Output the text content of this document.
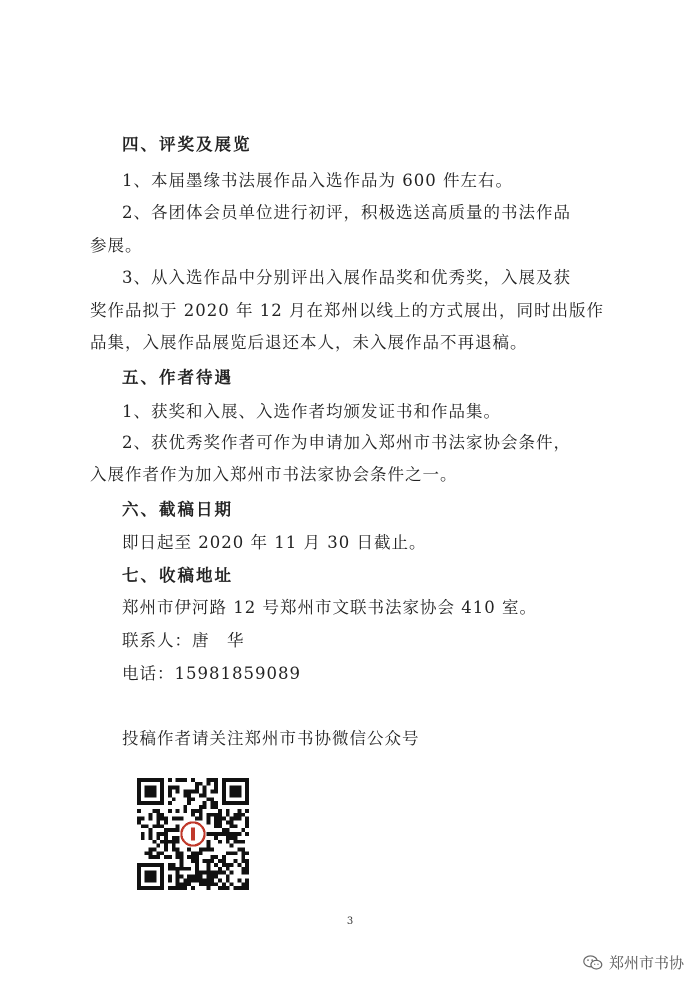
四、评奖及展览
1、本届墨缘书法展作品入选作品为 600 件左右。
2、各团体会员单位进行初评，积极选送高质量的书法作品
参展。
3、从入选作品中分别评出入展作品奖和优秀奖，入展及获
奖作品拟于 2020 年 12 月在郑州以线上的方式展出，同时出版作
品集，入展作品展览后退还本人，未入展作品不再退稿。
五、作者待遇
1、获奖和入展、入选作者均颁发证书和作品集。
2、获优秀奖作者可作为申请加入郑州市书法家协会条件，
入展作者作为加入郑州市书法家协会条件之一。
六、截稿日期
即日起至 2020 年 11 月 30 日截止。
七、收稿地址
郑州市伊河路 12 号郑州市文联书法家协会 410 室。
联系人：唐　华
电话：15981859089
投稿作者请关注郑州市书协微信公众号
3
郑州市书协
